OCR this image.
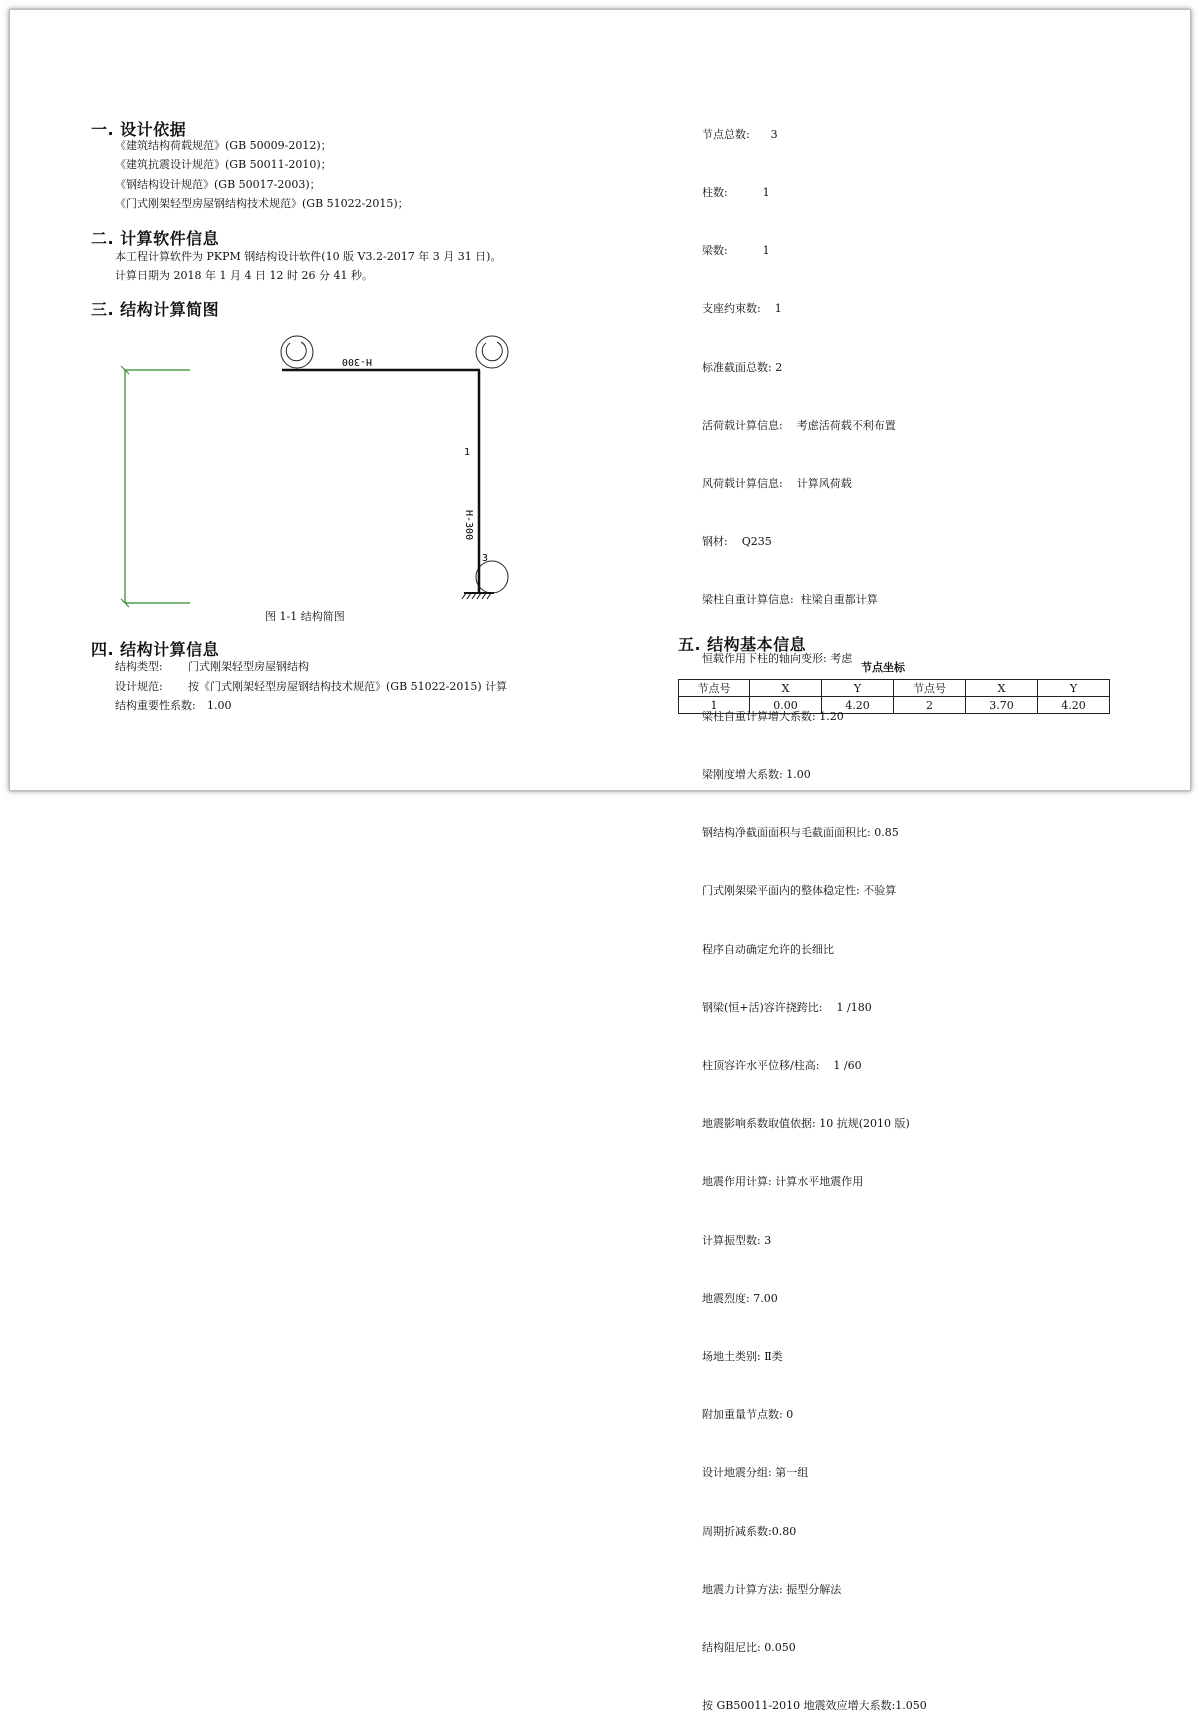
一. 设计依据
《建筑结构荷载规范》(GB 50009-2012)；
《建筑抗震设计规范》(GB 50011-2010)；
《钢结构设计规范》(GB 50017-2003)；
《门式刚架轻型房屋钢结构技术规范》(GB 51022-2015)；
二. 计算软件信息
本工程计算软件为 PKPM 钢结构设计软件(10 版 V3.2-2017 年 3 月 31 日)。
计算日期为 2018 年 1 月 4 日 12 时 26 分 41 秒。
三. 结构计算简图
H-300
H-300
1
3
图 1-1 结构简图
四. 结构计算信息
结构类型: 门式刚架轻型房屋钢结构
设计规范: 按《门式刚架轻型房屋钢结构技术规范》(GB 51022-2015) 计算
结构重要性系数: 1.00

节点总数:      3

柱数:          1

梁数:          1

支座约束数:    1

标准截面总数: 2

活荷载计算信息:    考虑活荷载不利布置

风荷载计算信息:    计算风荷载

钢材:    Q235

梁柱自重计算信息:  柱梁自重都计算

恒载作用下柱的轴向变形: 考虑

梁柱自重计算增大系数: 1.20

梁刚度增大系数: 1.00

钢结构净截面面积与毛截面面积比: 0.85

门式刚架梁平面内的整体稳定性: 不验算

程序自动确定允许的长细比

钢梁(恒+活)容许挠跨比:    1 /180

柱顶容许水平位移/柱高:    1 /60

地震影响系数取值依据: 10 抗规(2010 版)

地震作用计算: 计算水平地震作用

计算振型数: 3

地震烈度: 7.00

场地土类别: Ⅱ类

附加重量节点数: 0

设计地震分组: 第一组

周期折减系数:0.80

地震力计算方法: 振型分解法

结构阻尼比: 0.050

按 GB50011-2010 地震效应增大系数:1.050

五. 结构基本信息
节点坐标
节点号	X	Y	节点号	X	Y
1	0.00	4.20	2	3.70	4.20
